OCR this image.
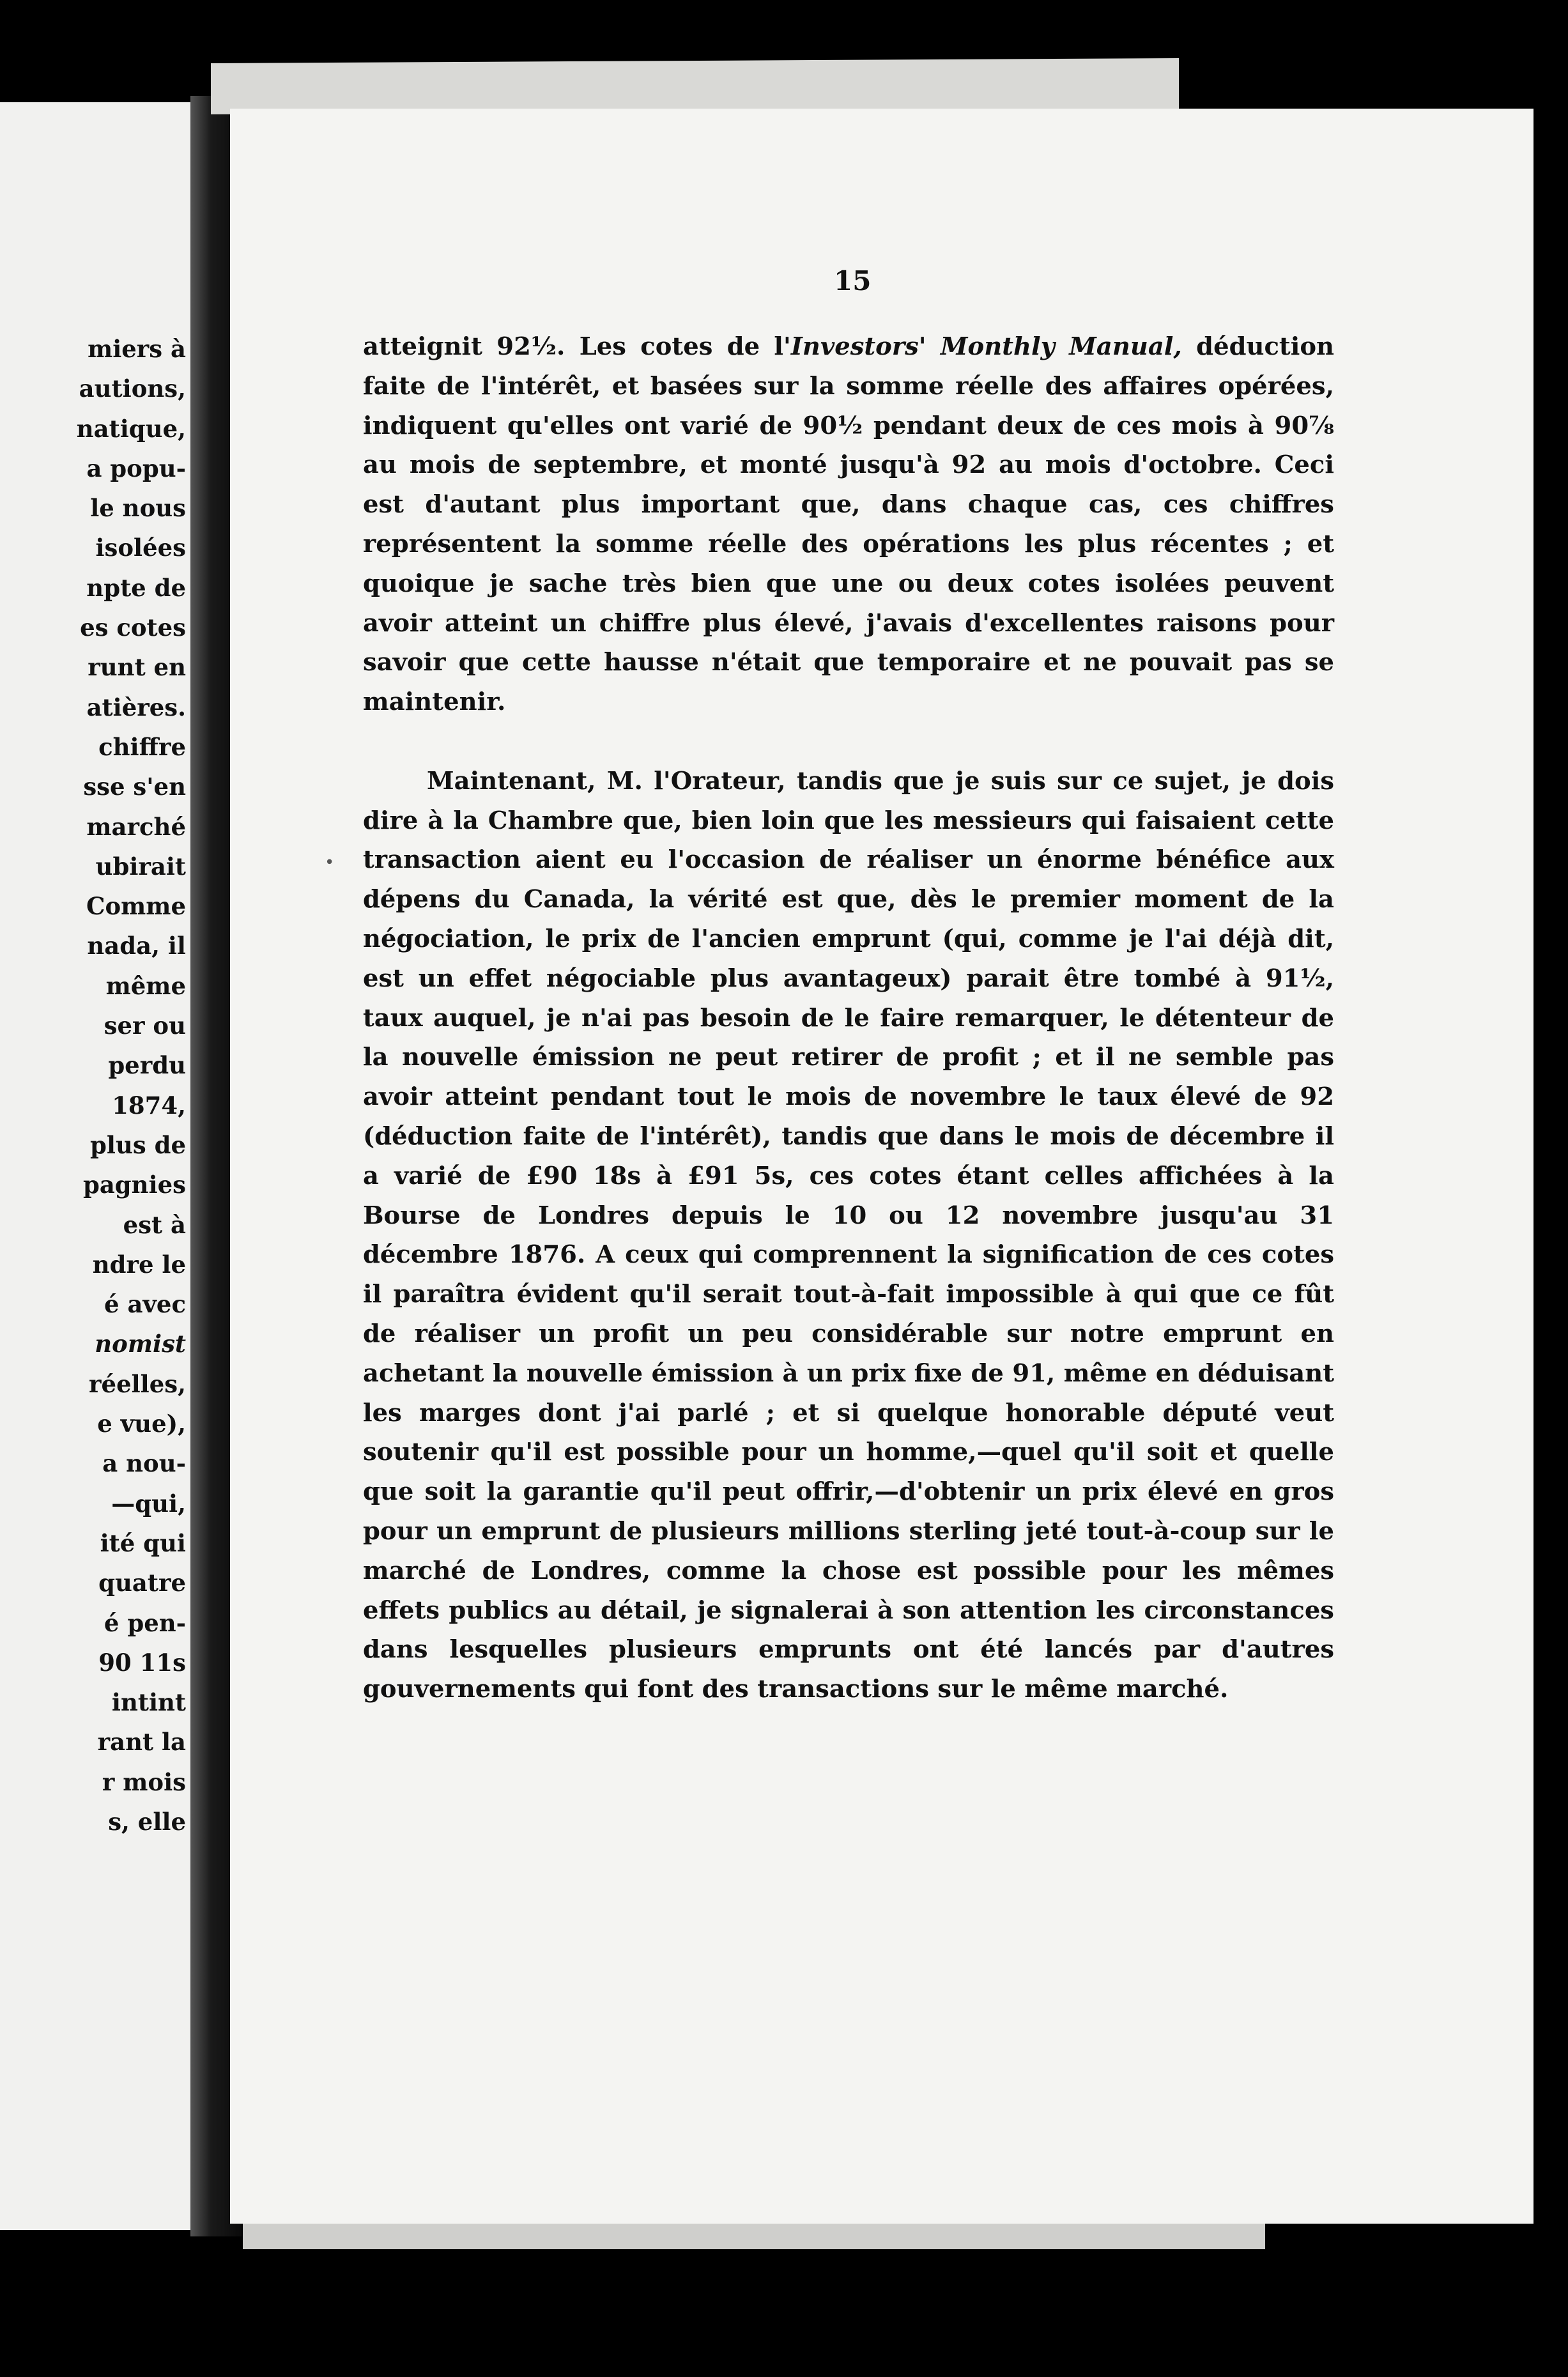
miers à
autions,
natique,
a popu-
le nous
isolées
npte de
es cotes
runt en
atières.
chiffre
sse s'en
marché
ubirait
Comme
nada, il
même
ser ou
perdu
1874,
plus de
pagnies
est à
ndre le
é avec
nomist
réelles,
e vue),
a nou-
—qui,
ité qui
quatre
é pen-
90 11s
intint
rant la
r mois
s, elle
15
•

atteignit 92½. Les cotes de l'Investors' Monthly Manual, déduction faite de l'intérêt, et basées sur la somme réelle des affaires opérées, indiquent qu'elles ont varié de 90½ pendant deux de ces mois à 90⅞ au mois de septembre, et monté jusqu'à 92 au mois d'octobre. Ceci est d'autant plus important que, dans chaque cas, ces chiffres représentent la somme réelle des opérations les plus récentes ; et quoique je sache très bien que une ou deux cotes isolées peuvent avoir atteint un chiffre plus élevé, j'avais d'excellentes raisons pour savoir que cette hausse n'était que temporaire et ne pouvait pas se maintenir.

Maintenant, M. l'Orateur, tandis que je suis sur ce sujet, je dois dire à la Chambre que, bien loin que les messieurs qui faisaient cette transaction aient eu l'occasion de réaliser un énorme bénéfice aux dépens du Canada, la vérité est que, dès le premier moment de la négociation, le prix de l'ancien emprunt (qui, comme je l'ai déjà dit, est un effet négociable plus avantageux) parait être tombé à 91½, taux auquel, je n'ai pas besoin de le faire remarquer, le détenteur de la nouvelle émission ne peut retirer de profit ; et il ne semble pas avoir atteint pendant tout le mois de novembre le taux élevé de 92 (déduction faite de l'intérêt), tandis que dans le mois de décembre il a varié de £90 18s à £91 5s, ces cotes étant celles affichées à la Bourse de Londres depuis le 10 ou 12 novembre jusqu'au 31 décembre 1876. A ceux qui comprennent la signification de ces cotes il paraîtra évident qu'il serait tout-à-fait impossible à qui que ce fût de réaliser un profit un peu considérable sur notre emprunt en achetant la nouvelle émission à un prix fixe de 91, même en déduisant les marges dont j'ai parlé ; et si quelque honorable député veut soutenir qu'il est possible pour un homme,—quel qu'il soit et quelle que soit la garantie qu'il peut offrir,—d'obtenir un prix élevé en gros pour un emprunt de plusieurs millions sterling jeté tout-à-coup sur le marché de Londres, comme la chose est possible pour les mêmes effets publics au détail, je signalerai à son attention les circonstances dans lesquelles plusieurs emprunts ont été lancés par d'autres gouvernements qui font des transactions sur le même marché.
